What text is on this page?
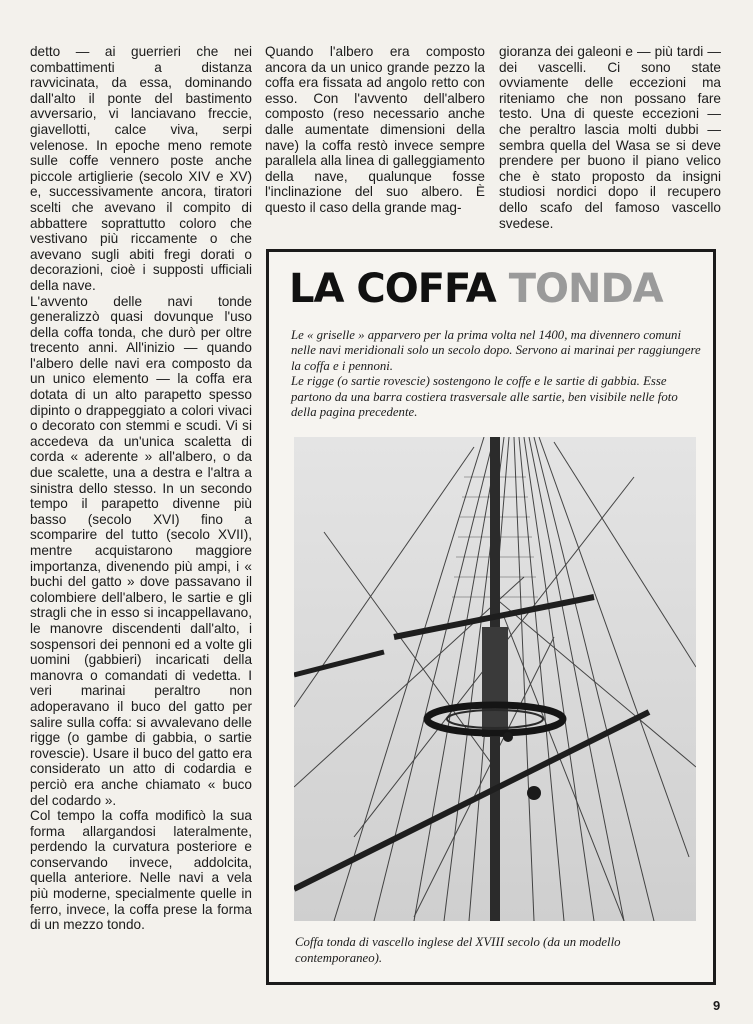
detto — ai guerrieri che nei combattimenti a distanza ravvicinata, da essa, dominando dall'alto il ponte del bastimento avversario, vi lanciavano freccie, giavellotti, calce viva, serpi velenose. In epoche meno remote sulle coffe vennero poste anche piccole artiglierie (secolo XIV e XV) e, successivamente ancora, tiratori scelti che avevano il compito di abbattere soprattutto coloro che vestivano più riccamente o che avevano sugli abiti fregi dorati o decorazioni, cioè i supposti ufficiali della nave.

L'avvento delle navi tonde generalizzò quasi dovunque l'uso della coffa tonda, che durò per oltre trecento anni. All'inizio — quando l'albero delle navi era composto da un unico elemento — la coffa era dotata di un alto parapetto spesso dipinto o drappeggiato a colori vivaci o decorato con stemmi e scudi. Vi si accedeva da un'unica scaletta di corda « aderente » all'albero, o da due scalette, una a destra e l'altra a sinistra dello stesso. In un secondo tempo il parapetto divenne più basso (secolo XVI) fino a scomparire del tutto (secolo XVII), mentre acquistarono maggiore importanza, divenendo più ampi, i « buchi del gatto » dove passavano il colombiere dell'albero, le sartie e gli stragli che in esso si incappellavano, le manovre discendenti dall'alto, i sospensori dei pennoni ed a volte gli uomini (gabbieri) incaricati della manovra o comandati di vedetta. I veri marinai peraltro non adoperavano il buco del gatto per salire sulla coffa: si avvalevano delle rigge (o gambe di gabbia, o sartie rovescie). Usare il buco del gatto era considerato un atto di codardia e perciò era anche chiamato « buco del codardo ».

Col tempo la coffa modificò la sua forma allargandosi lateralmente, perdendo la curvatura posteriore e conservando invece, addolcita, quella anteriore. Nelle navi a vela più moderne, specialmente quelle in ferro, invece, la coffa prese la forma di un mezzo tondo.

Quando l'albero era composto ancora da un unico grande pezzo la coffa era fissata ad angolo retto con esso. Con l'avvento dell'albero composto (reso necessario anche dalle aumentate dimensioni della nave) la coffa restò invece sempre parallela alla linea di galleggiamento della nave, qualunque fosse l'inclinazione del suo albero. È questo il caso della grande mag-

gioranza dei galeoni e — più tardi — dei vascelli. Ci sono state ovviamente delle eccezioni ma riteniamo che non possano fare testo. Una di queste eccezioni — che peraltro lascia molti dubbi — sembra quella del Wasa se si deve prendere per buono il piano velico che è stato proposto da insigni studiosi nordici dopo il recupero dello scafo del famoso vascello svedese.

LA COFFA TONDA

Le « griselle » apparvero per la prima volta nel 1400, ma divennero comuni nelle navi meridionali solo un secolo dopo. Servono ai marinai per raggiungere la coffa e i pennoni.

Le rigge (o sartie rovescie) sostengono le coffe e le sartie di gabbia. Esse partono da una barra costiera trasversale alle sartie, ben visibile nelle foto della pagina precedente.

Coffa tonda di vascello inglese del XVIII secolo (da un modello contemporaneo).
9
